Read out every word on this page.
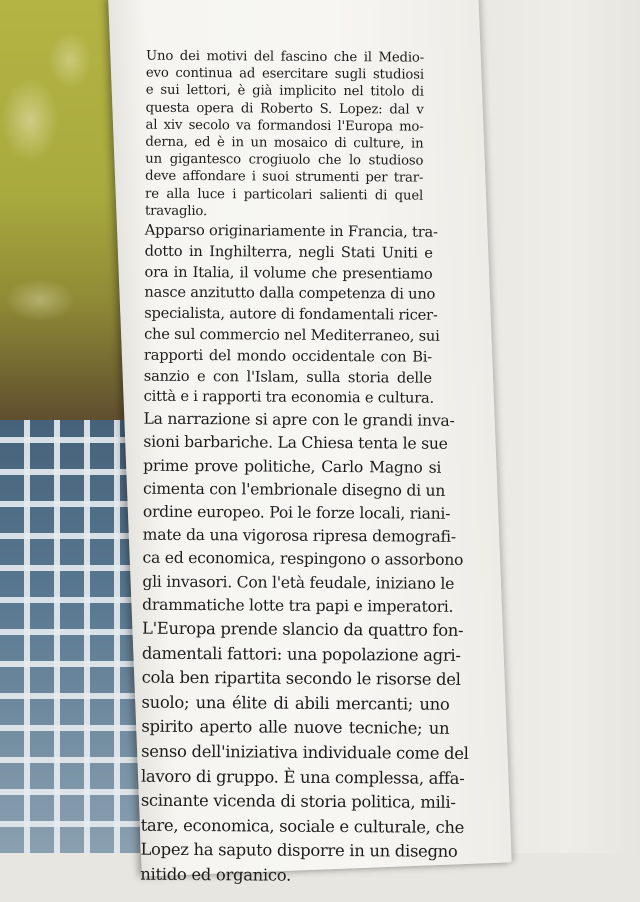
Uno dei motivi del fascino che il Medio-
evo continua ad esercitare sugli studiosi
e sui lettori, è già implicito nel titolo di
questa opera di Roberto S. Lopez: dal v
al xiv secolo va formandosi l'Europa mo-
derna, ed è in un mosaico di culture, in
un gigantesco crogiuolo che lo studioso
deve affondare i suoi strumenti per trar-
re alla luce i particolari salienti di quel
travaglio.

Apparso originariamente in Francia, tra-
dotto in Inghilterra, negli Stati Uniti e
ora in Italia, il volume che presentiamo
nasce anzitutto dalla competenza di uno
specialista, autore di fondamentali ricer-
che sul commercio nel Mediterraneo, sui
rapporti del mondo occidentale con Bi-
sanzio e con l'Islam, sulla storia delle
città e i rapporti tra economia e cultura.

La narrazione si apre con le grandi inva-
sioni barbariche. La Chiesa tenta le sue
prime prove politiche, Carlo Magno si
cimenta con l'embrionale disegno di un
ordine europeo. Poi le forze locali, riani-
mate da una vigorosa ripresa demografi-
ca ed economica, respingono o assorbono
gli invasori. Con l'età feudale, iniziano le
drammatiche lotte tra papi e imperatori.

L'Europa prende slancio da quattro fon-
damentali fattori: una popolazione agri-
cola ben ripartita secondo le risorse del
suolo; una élite di abili mercanti; uno
spirito aperto alle nuove tecniche; un
senso dell'iniziativa individuale come del
lavoro di gruppo. È una complessa, affa-
scinante vicenda di storia politica, mili-
tare, economica, sociale e culturale, che
Lopez ha saputo disporre in un disegno
nitido ed organico.
